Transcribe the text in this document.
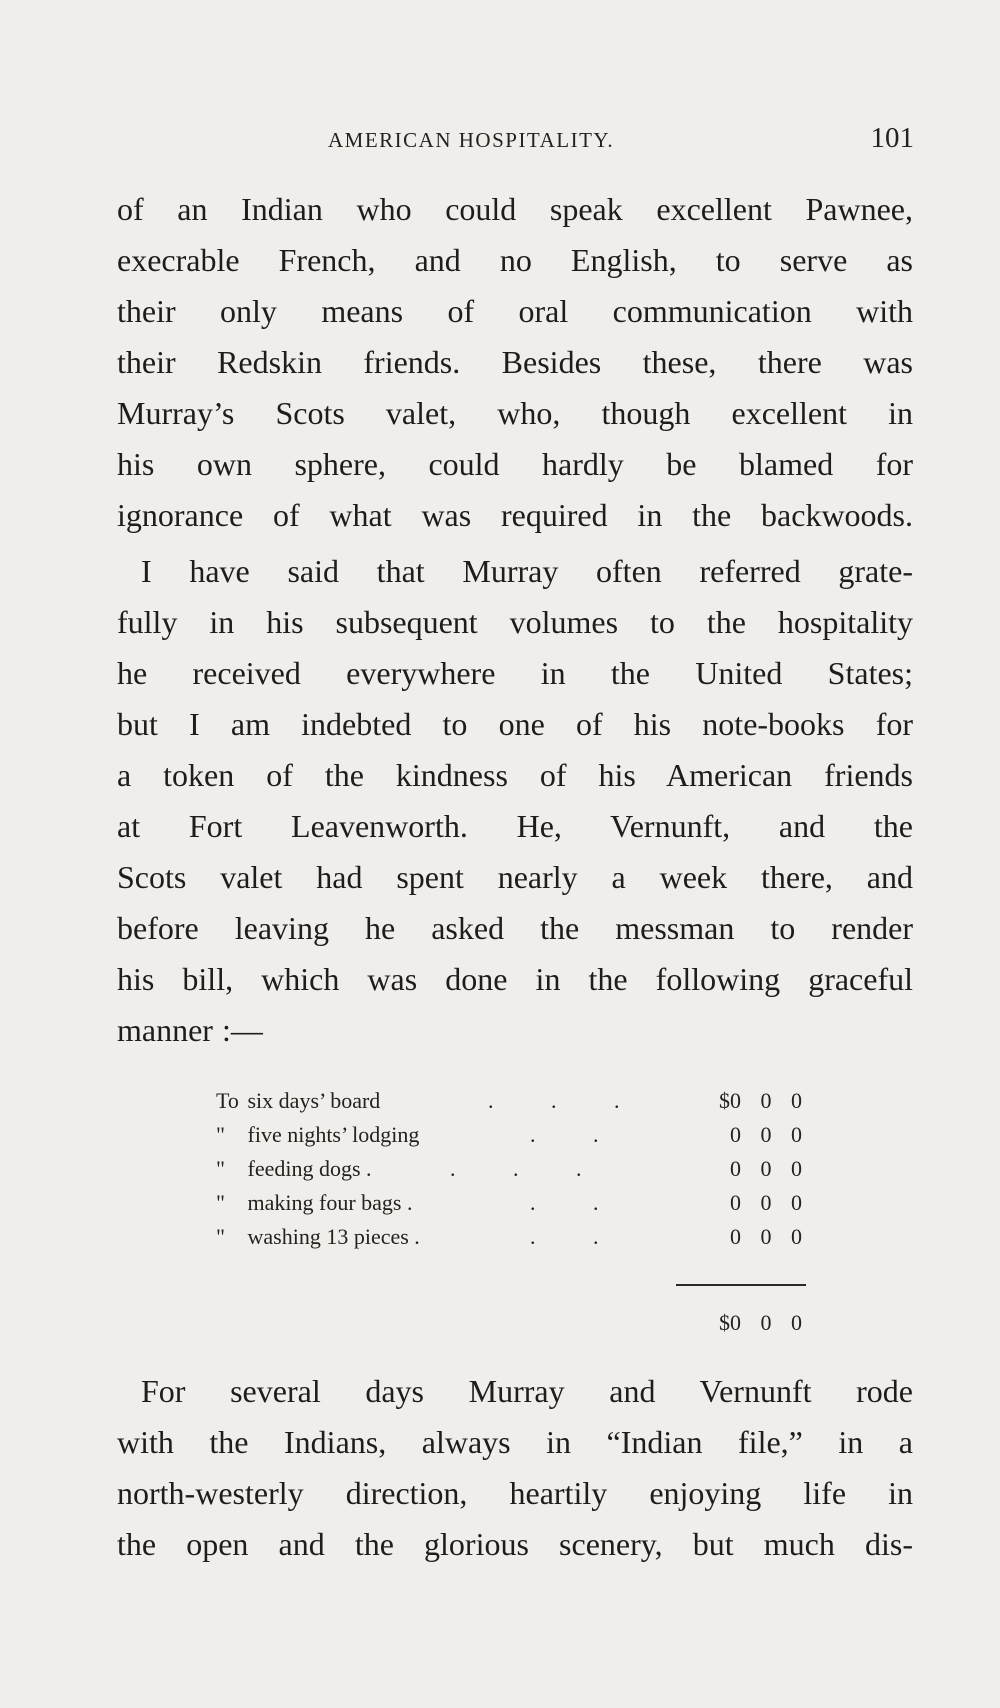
AMERICAN HOSPITALITY.	101
of an Indian who could speak excellent Pawnee,
execrable French, and no English, to serve as
their only means of oral communication with
their Redskin friends. Besides these, there was
Murray’s Scots valet, who, though excellent in
his own sphere, could hardly be blamed for
ignorance of what was required in the backwoods.
I have said that Murray often referred grate-
fully in his subsequent volumes to the hospitality
he received everywhere in the United States;
but I am indebted to one of his note-books for
a token of the kindness of his American friends
at Fort Leavenworth. He, Vernunft, and the
Scots valet had spent nearly a week there, and
before leaving he asked the messman to render
his bill, which was done in the following graceful
manner :—
To six days’ board	. . .	$0 0 0
" five nights’ lodging	. .	0 0 0
" feeding dogs .	. . .	0 0 0
" making four bags .	. .	0 0 0
" washing 13 pieces .	. .	0 0 0
$0 0 0
For several days Murray and Vernunft rode
with the Indians, always in “Indian file,” in a
north-westerly direction, heartily enjoying life in
the open and the glorious scenery, but much dis-
